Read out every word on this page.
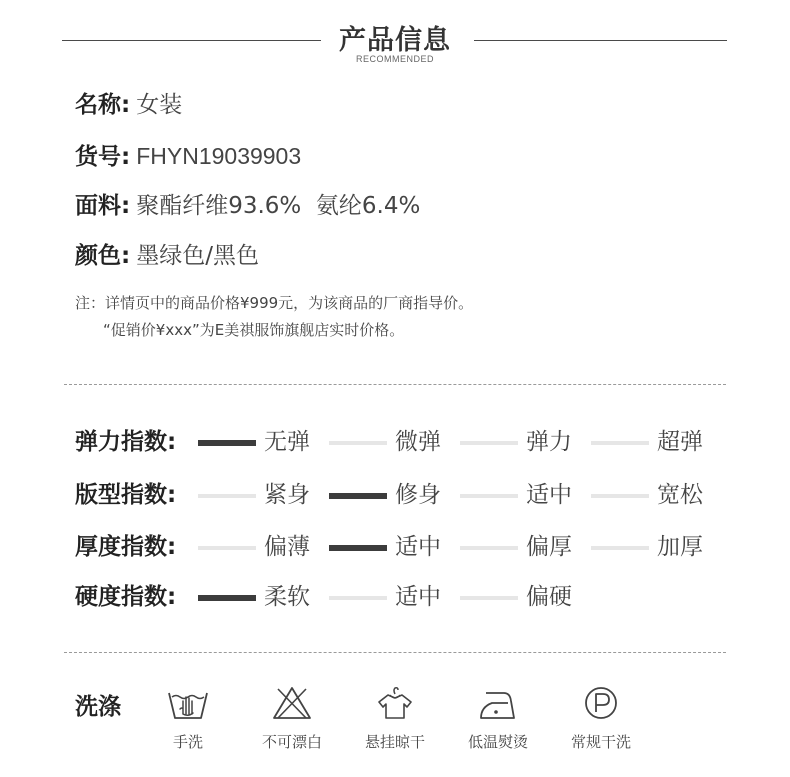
产品信息
RECOMMENDED
名称: 女装
货号: FHYN19039903
面料: 聚酯纤维93.6%  氨纶6.4%
颜色: 墨绿色/黑色
注：详情页中的商品价格¥999元，为该商品的厂商指导价。
“促销价¥xxx”为E美祺服饰旗舰店实时价格。
弹力指数:	无弹	微弹	弹力	超弹
版型指数:	紧身	修身	适中	宽松
厚度指数:	偏薄	适中	偏厚	加厚
硬度指数:	柔软	适中	偏硬
洗涤
手洗	不可漂白	悬挂晾干	低温熨烫	常规干洗
